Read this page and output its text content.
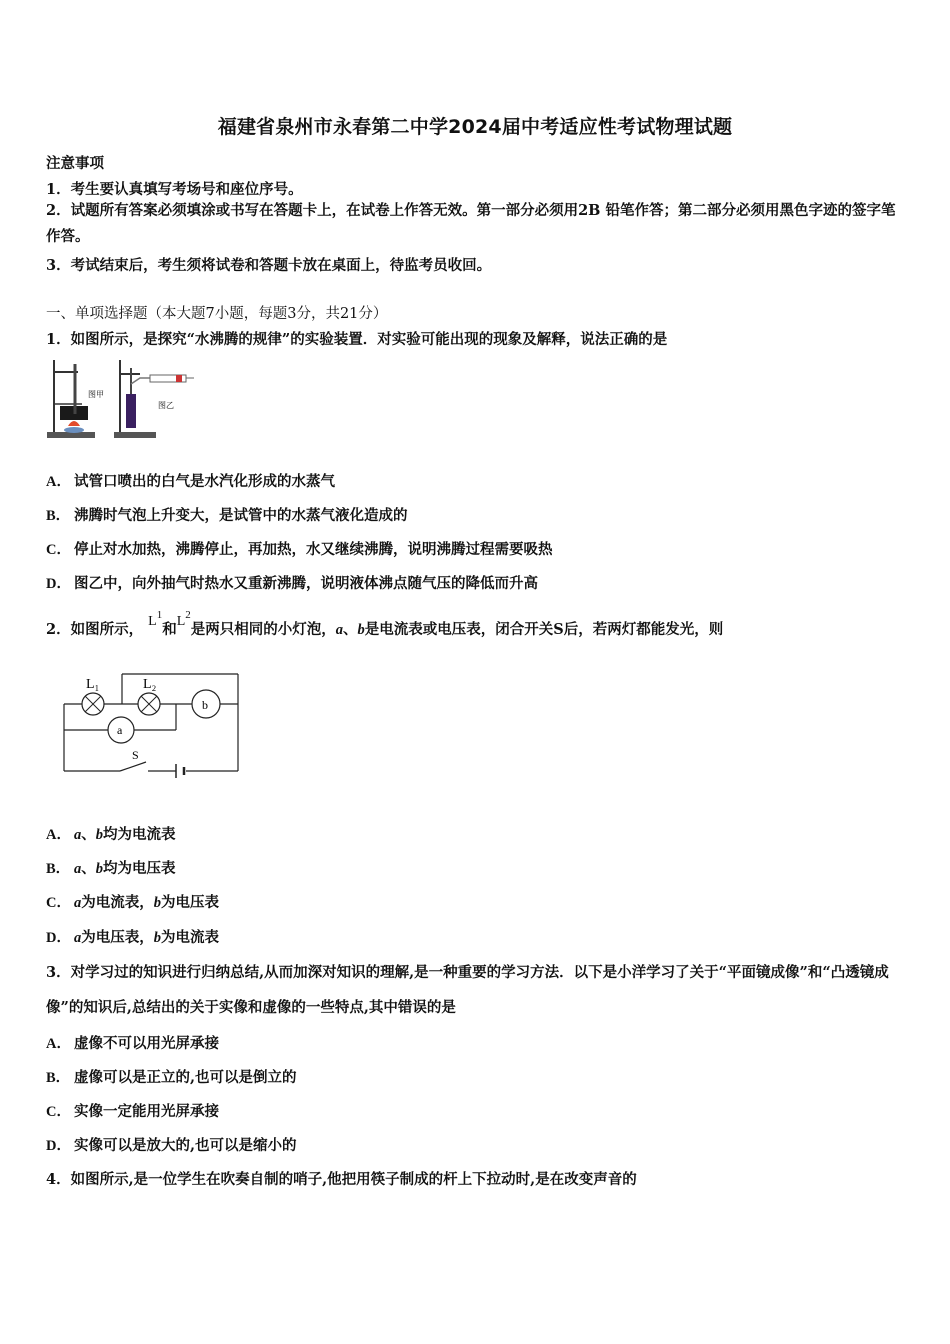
福建省泉州市永春第二中学2024届中考适应性考试物理试题
注意事项
1．考生要认真填写考场号和座位序号。
2．试题所有答案必须填涂或书写在答题卡上，在试卷上作答无效。第一部分必须用2B 铅笔作答；第二部分必须用黑色字迹的签字笔作答。
3．考试结束后，考生须将试卷和答题卡放在桌面上，待监考员收回。
一、单项选择题（本大题7小题，每题3分，共21分）
1．如图所示，是探究“水沸腾的规律”的实验装置．对实验可能出现的现象及解释，说法正确的是
图甲
图乙
A． 试管口喷出的白气是水汽化形成的水蒸气
B． 沸腾时气泡上升变大，是试管中的水蒸气液化造成的
C． 停止对水加热，沸腾停止，再加热，水又继续沸腾，说明沸腾过程需要吸热
D． 图乙中，向外抽气时热水又重新沸腾，说明液体沸点随气压的降低而升高
2．如图所示， $L^1$和$L^2$是两只相同的小灯泡，a、b是电流表或电压表，闭合开关S后，若两灯都能发光，则
L₁	L₂
b
a
S
A． a、b均为电流表
B． a、b均为电压表
C． a为电流表，b为电压表
D． a为电压表，b为电流表
3．对学习过的知识进行归纳总结,从而加深对知识的理解,是一种重要的学习方法．以下是小洋学习了关于“平面镜成像”和“凸透镜成像”的知识后,总结出的关于实像和虚像的一些特点,其中错误的是
A． 虚像不可以用光屏承接
B． 虚像可以是正立的,也可以是倒立的
C． 实像一定能用光屏承接
D． 实像可以是放大的,也可以是缩小的
4．如图所示,是一位学生在吹奏自制的哨子,他把用筷子制成的杆上下拉动时,是在改变声音的
